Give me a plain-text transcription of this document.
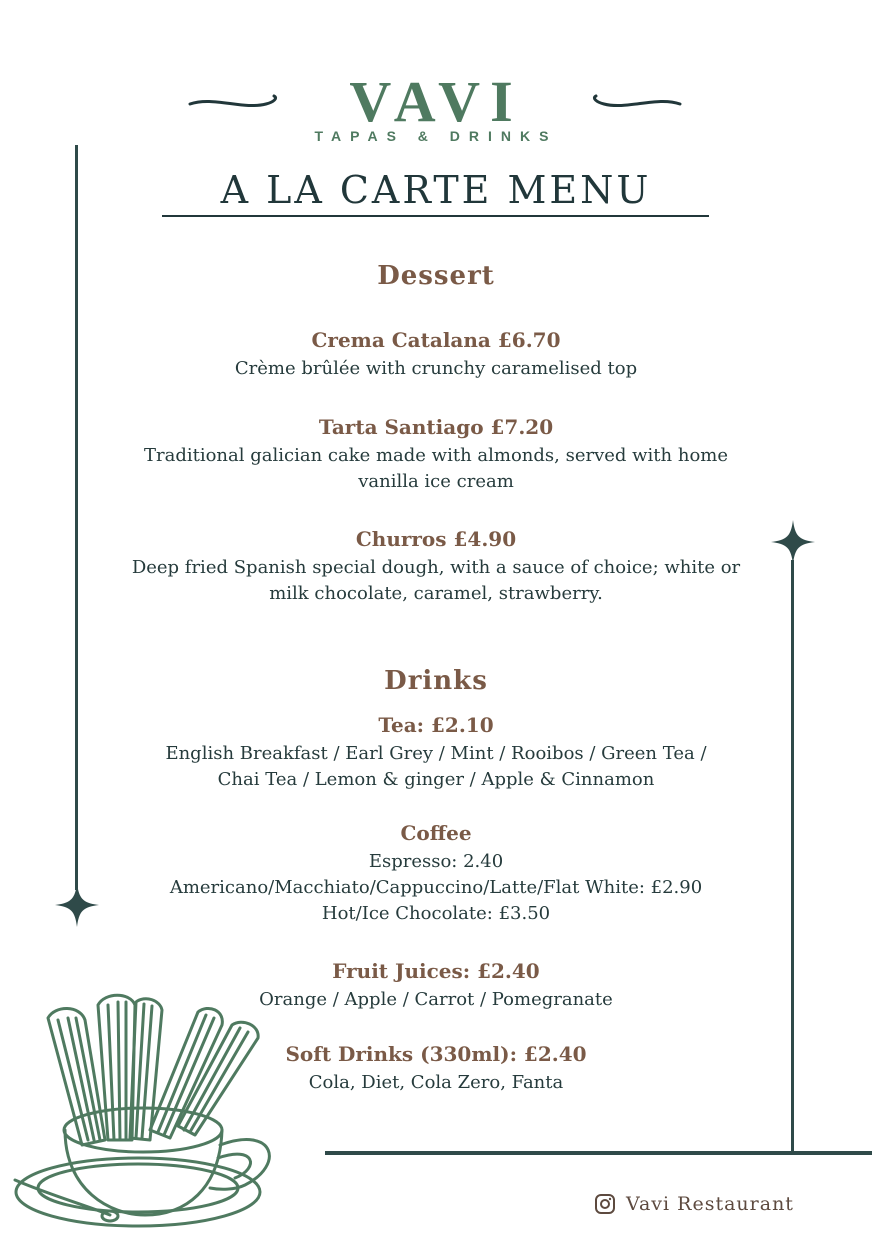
VAVI
TAPAS & DRINKS
A LA CARTE MENU
Dessert
Crema Catalana £6.70
Crème brûlée with crunchy caramelised top
Tarta Santiago £7.20
Traditional galician cake made with almonds, served with home
vanilla ice cream
Churros £4.90
Deep fried Spanish special dough, with a sauce of choice; white or
milk chocolate, caramel, strawberry.
Drinks
Tea: £2.10
English Breakfast / Earl Grey / Mint / Rooibos / Green Tea /
Chai Tea / Lemon & ginger / Apple & Cinnamon
Coffee
Espresso: 2.40
Americano/Macchiato/Cappuccino/Latte/Flat White: £2.90
Hot/Ice Chocolate: £3.50
Fruit Juices: £2.40
Orange / Apple / Carrot / Pomegranate
Soft Drinks (330ml): £2.40
Cola, Diet, Cola Zero, Fanta
Vavi Restaurant
